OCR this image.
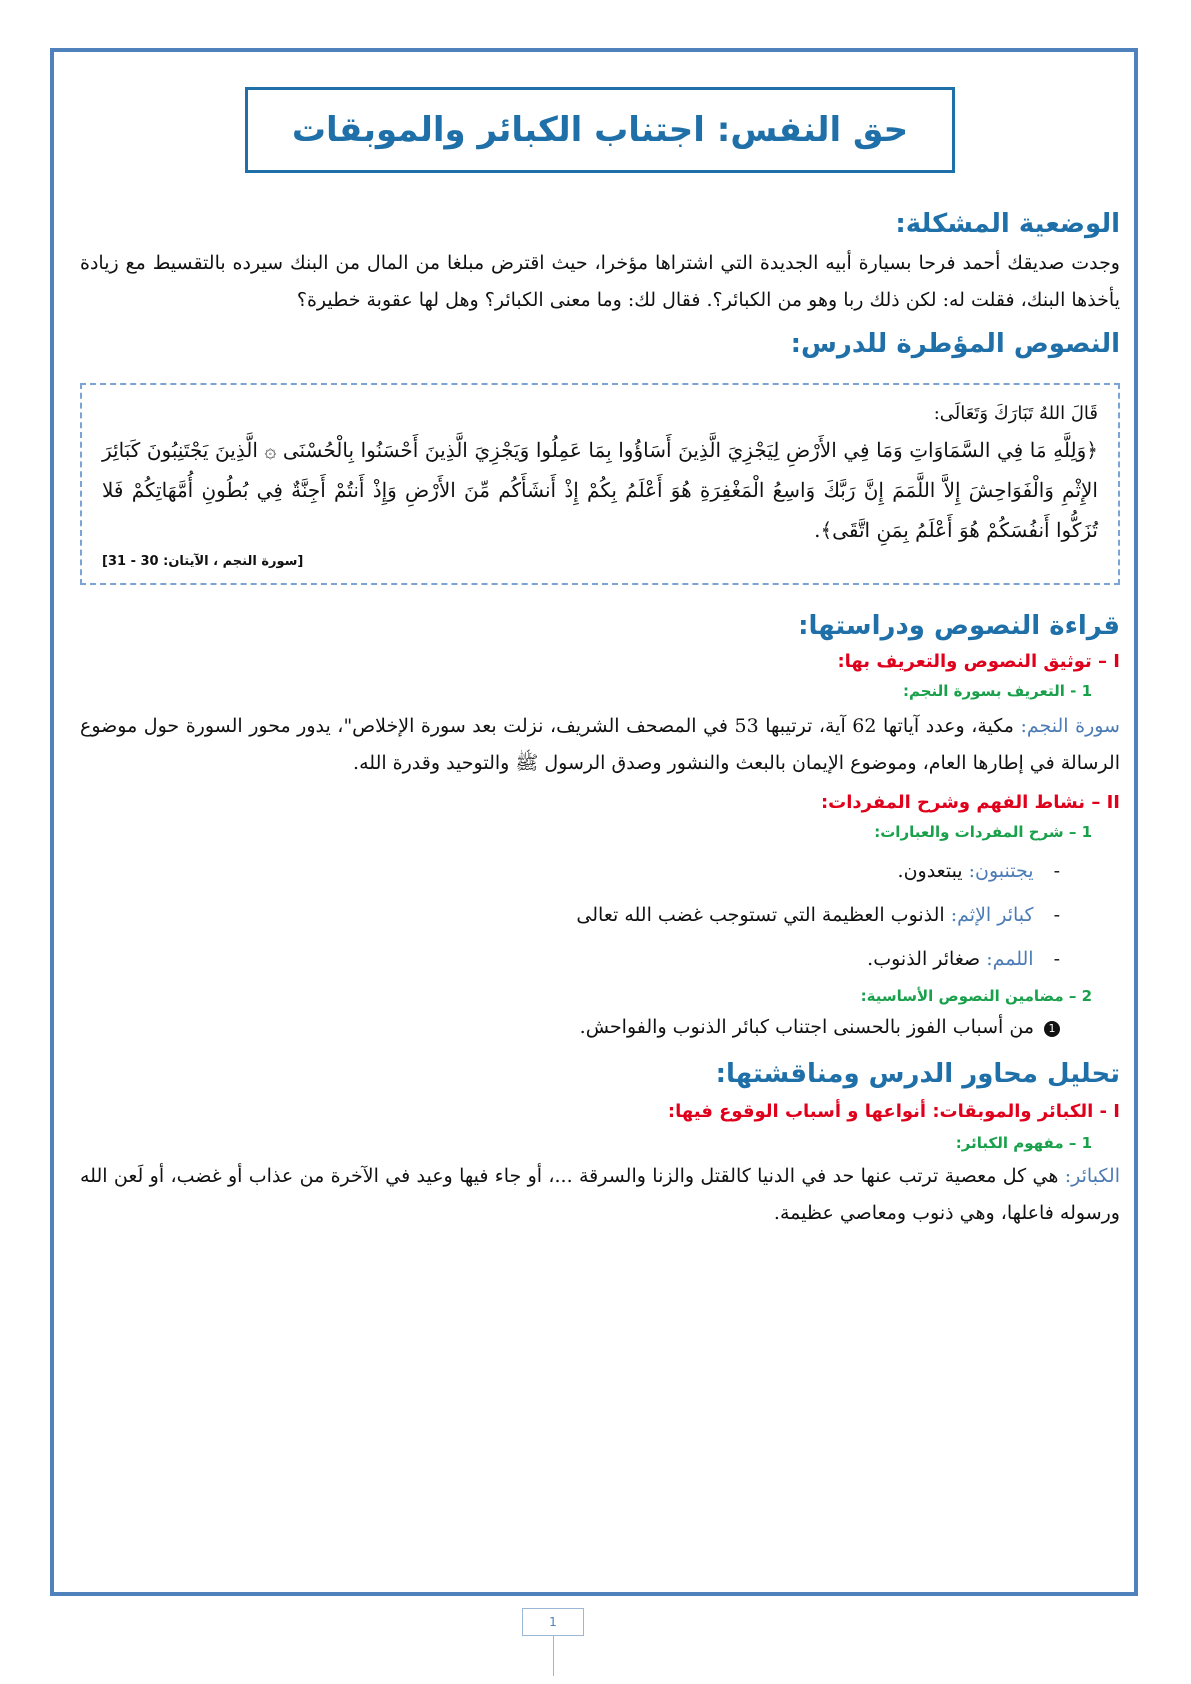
حق النفس: اجتناب الكبائر والموبقات
الوضعية المشكلة:

وجدت صديقك أحمد فرحا بسيارة أبيه الجديدة التي اشتراها مؤخرا، حيث اقترض مبلغا من المال من البنك سيرده بالتقسيط مع زيادة يأخذها البنك، فقلت له: لكن ذلك ربا وهو من الكبائر؟. فقال لك: وما معنى الكبائر؟ وهل لها عقوبة خطيرة؟

النصوص المؤطرة للدرس:
قَالَ اللهُ تَبَارَكَ وَتَعَالَى:
﴿وَلِلَّهِ مَا فِي السَّمَاوَاتِ وَمَا فِي الأَرْضِ لِيَجْزِيَ الَّذِينَ أَسَاؤُوا بِمَا عَمِلُوا وَيَجْزِيَ الَّذِينَ أَحْسَنُوا بِالْحُسْنَى ۞ الَّذِينَ يَجْتَنِبُونَ كَبَائِرَ الإِثْمِ وَالْفَوَاحِشَ إِلاَّ اللَّمَمَ إِنَّ رَبَّكَ وَاسِعُ الْمَغْفِرَةِ هُوَ أَعْلَمُ بِكُمْ إِذْ أَنشَأَكُم مِّنَ الأَرْضِ وَإِذْ أَنتُمْ أَجِنَّةٌ فِي بُطُونِ أُمَّهَاتِكُمْ فَلا تُزَكُّوا أَنفُسَكُمْ هُوَ أَعْلَمُ بِمَنِ اتَّقَى﴾.
[سورة النجم ، الآيتان: 30 - 31]
قراءة النصوص ودراستها:
I – توثيق النصوص والتعريف بها:
1 - التعريف بسورة النجم:

سورة النجم: مكية، وعدد آياتها 62 آية، ترتيبها 53 في المصحف الشريف، نزلت بعد سورة الإخلاص"، يدور محور السورة حول موضوع الرسالة في إطارها العام، وموضوع الإيمان بالبعث والنشور وصدق الرسول ﷺ والتوحيد وقدرة الله.

II – نشاط الفهم وشرح المفردات:
1 – شرح المفردات والعبارات:
-يجتنبون: يبتعدون.
-كبائر الإثم: الذنوب العظيمة التي تستوجب غضب الله تعالى
-اللمم: صغائر الذنوب.
2 – مضامين النصوص الأساسية:
1من أسباب الفوز بالحسنى اجتناب كبائر الذنوب والفواحش.
تحليل محاور الدرس ومناقشتها:
I - الكبائر والموبقات: أنواعها و أسباب الوقوع فيها:
1 – مفهوم الكبائر:

الكبائر: هي كل معصية ترتب عنها حد في الدنيا كالقتل والزنا والسرقة ...، أو جاء فيها وعيد في الآخرة من عذاب أو غضب، أو لَعن الله ورسوله فاعلها، وهي ذنوب ومعاصي عظيمة.

1
